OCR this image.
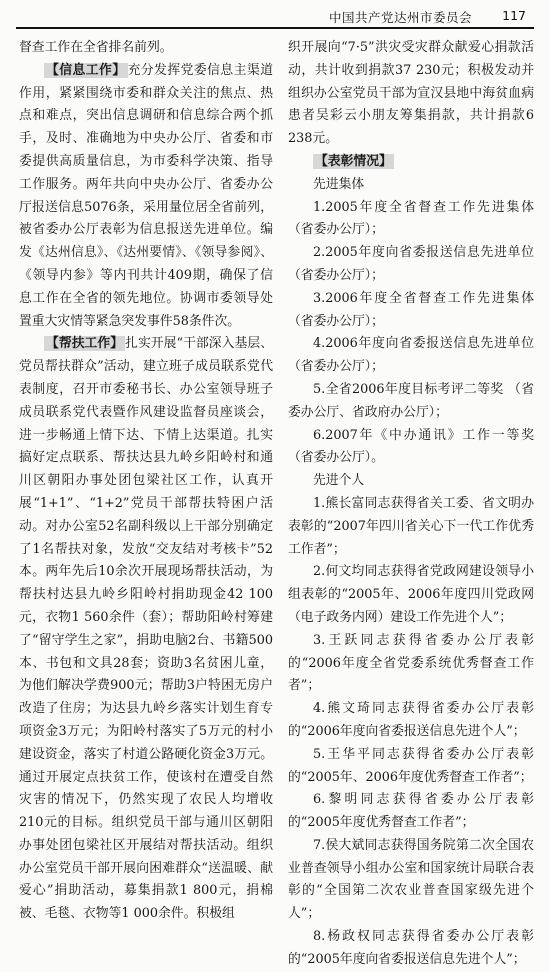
中国共产党达州市委员会 117

督查工作在全省排名前列。

【信息工作】 充分发挥党委信息主渠道作用，紧紧围绕市委和群众关注的焦点、热点和难点，突出信息调研和信息综合两个抓手，及时、准确地为中央办公厅、省委和市委提供高质量信息，为市委科学决策、指导工作服务。两年共向中央办公厅、省委办公厅报送信息5076条，采用量位居全省前列，被省委办公厅表彰为信息报送先进单位。编发《达州信息》、《达州要情》、《领导参阅》、《领导内参》等内刊共计409期，确保了信息工作在全省的领先地位。协调市委领导处置重大灾情等紧急突发事件58条件次。

【帮扶工作】 扎实开展“干部深入基层、党员帮扶群众”活动，建立班子成员联系党代表制度，召开市委秘书长、办公室领导班子成员联系党代表暨作风建设监督员座谈会，进一步畅通上情下达、下情上达渠道。扎实搞好定点联系、帮扶达县九岭乡阳岭村和通川区朝阳办事处团包梁社区工作，认真开展“1+1”、“1+2”党员干部帮扶特困户活动。对办公室52名副科级以上干部分别确定了1名帮扶对象，发放“交友结对考核卡”52本。两年先后10余次开展现场帮扶活动，为帮扶村达县九岭乡阳岭村捐助现金42 100元，衣物1 560余件（套）；帮助阳岭村筹建了“留守学生之家”，捐助电脑2台、书籍500本、书包和文具28套；资助3名贫困儿童，为他们解决学费900元；帮助3户特困无房户改造了住房；为达县九岭乡落实计划生育专项资金3万元；为阳岭村落实了5万元的村小建设资金，落实了村道公路硬化资金3万元。通过开展定点扶贫工作，使该村在遭受自然灾害的情况下，仍然实现了农民人均增收210元的目标。组织党员干部与通川区朝阳办事处团包梁社区开展结对帮扶活动。组织办公室党员干部开展向困难群众“送温暖、献爱心”捐助活动，募集捐款1 800元，捐棉被、毛毯、衣物等1 000余件。积极组

织开展向“7·5”洪灾受灾群众献爱心捐款活动，共计收到捐款37 230元；积极发动并组织办公室党员干部为宣汉县地中海贫血病患者吴彩云小朋友筹集捐款，共计捐款6 238元。

【表彰情况】

先进集体

1.2005年度全省督查工作先进集体 （省委办公厅）；

2.2005年度向省委报送信息先进单位（省委办公厅）；

3.2006年度全省督查工作先进集体 （省委办公厅）；

4.2006年度向省委报送信息先进单位（省委办公厅）；

5.全省2006年度目标考评二等奖 （省委办公厅、省政府办公厅）；

6.2007年《中办通讯》工作一等奖 （省委办公厅）。

先进个人

1.熊长富同志获得省关工委、省文明办表彰的“2007年四川省关心下一代工作优秀工作者”；

2.何文均同志获得省党政网建设领导小组表彰的“2005年、2006年度四川党政网（电子政务内网）建设工作先进个人”；

3.王跃同志获得省委办公厅表彰的“2006年度全省党委系统优秀督查工作者”；

4.熊文琦同志获得省委办公厅表彰的“2006年度向省委报送信息先进个人”；

5.王华平同志获得省委办公厅表彰的“2005年、2006年度优秀督查工作者”；

6.黎明同志获得省委办公厅表彰的“2005年度优秀督查工作者”；

7.侯大斌同志获得国务院第二次全国农业普查领导小组办公室和国家统计局联合表彰的“全国第二次农业普查国家级先进个人”；

8.杨政权同志获得省委办公厅表彰的“2005年度向省委报送信息先进个人”；
